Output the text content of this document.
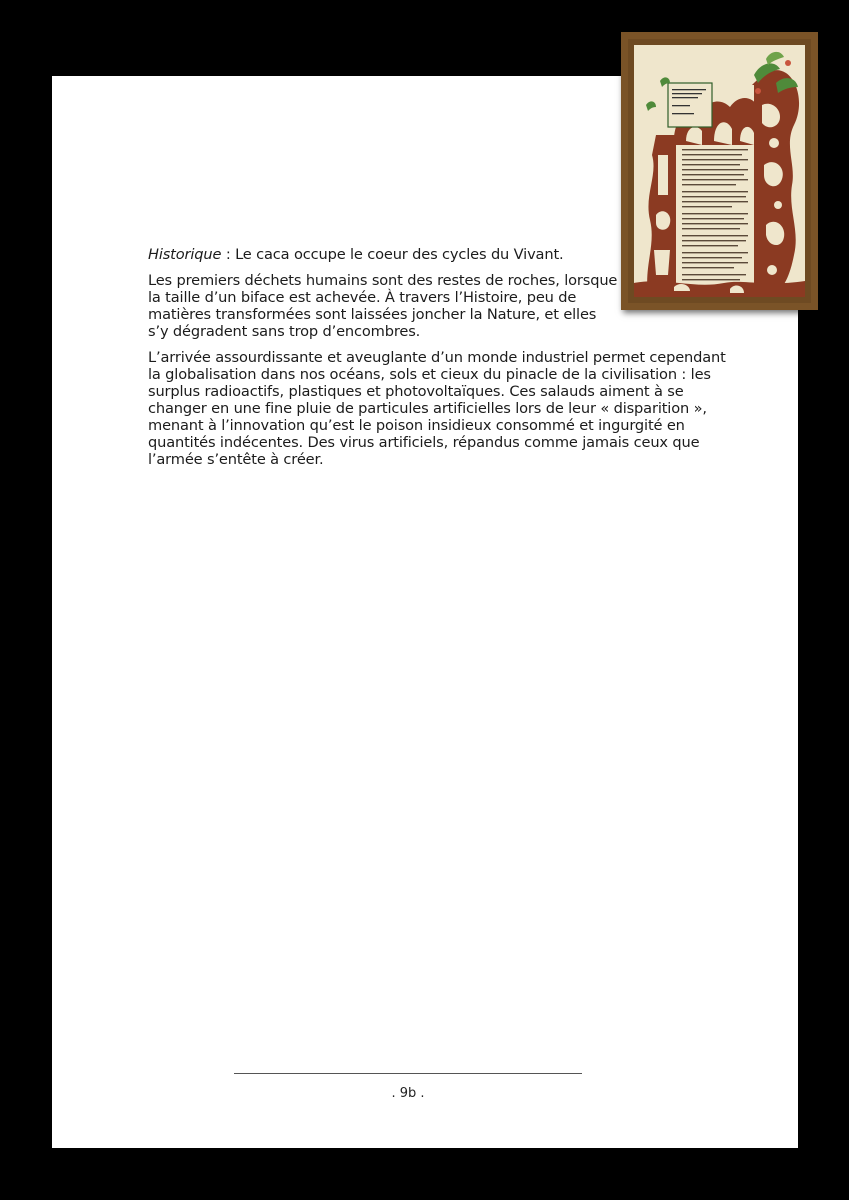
Historique : Le caca occupe le coeur des cycles du Vivant.

Les premiers déchets humains sont des restes de roches, lorsque la taille d’un biface est achevée. À travers l’Histoire, peu de matières transformées sont laissées joncher la Nature, et elles s’y dégradent sans trop d’encombres.

L’arrivée assourdissante et aveuglante d’un monde industriel permet cependant la globalisation dans nos océans, sols et cieux du pinacle de la civilisation : les surplus radioactifs, plastiques et photovoltaïques. Ces salauds aiment à se changer en une fine pluie de particules artificielles lors de leur « disparition », menant à l’innovation qu’est le poison insidieux consommé et ingurgité en quantités indécentes. Des virus artificiels, répandus comme jamais ceux que l’armée s’entête à créer.

. 9b .
